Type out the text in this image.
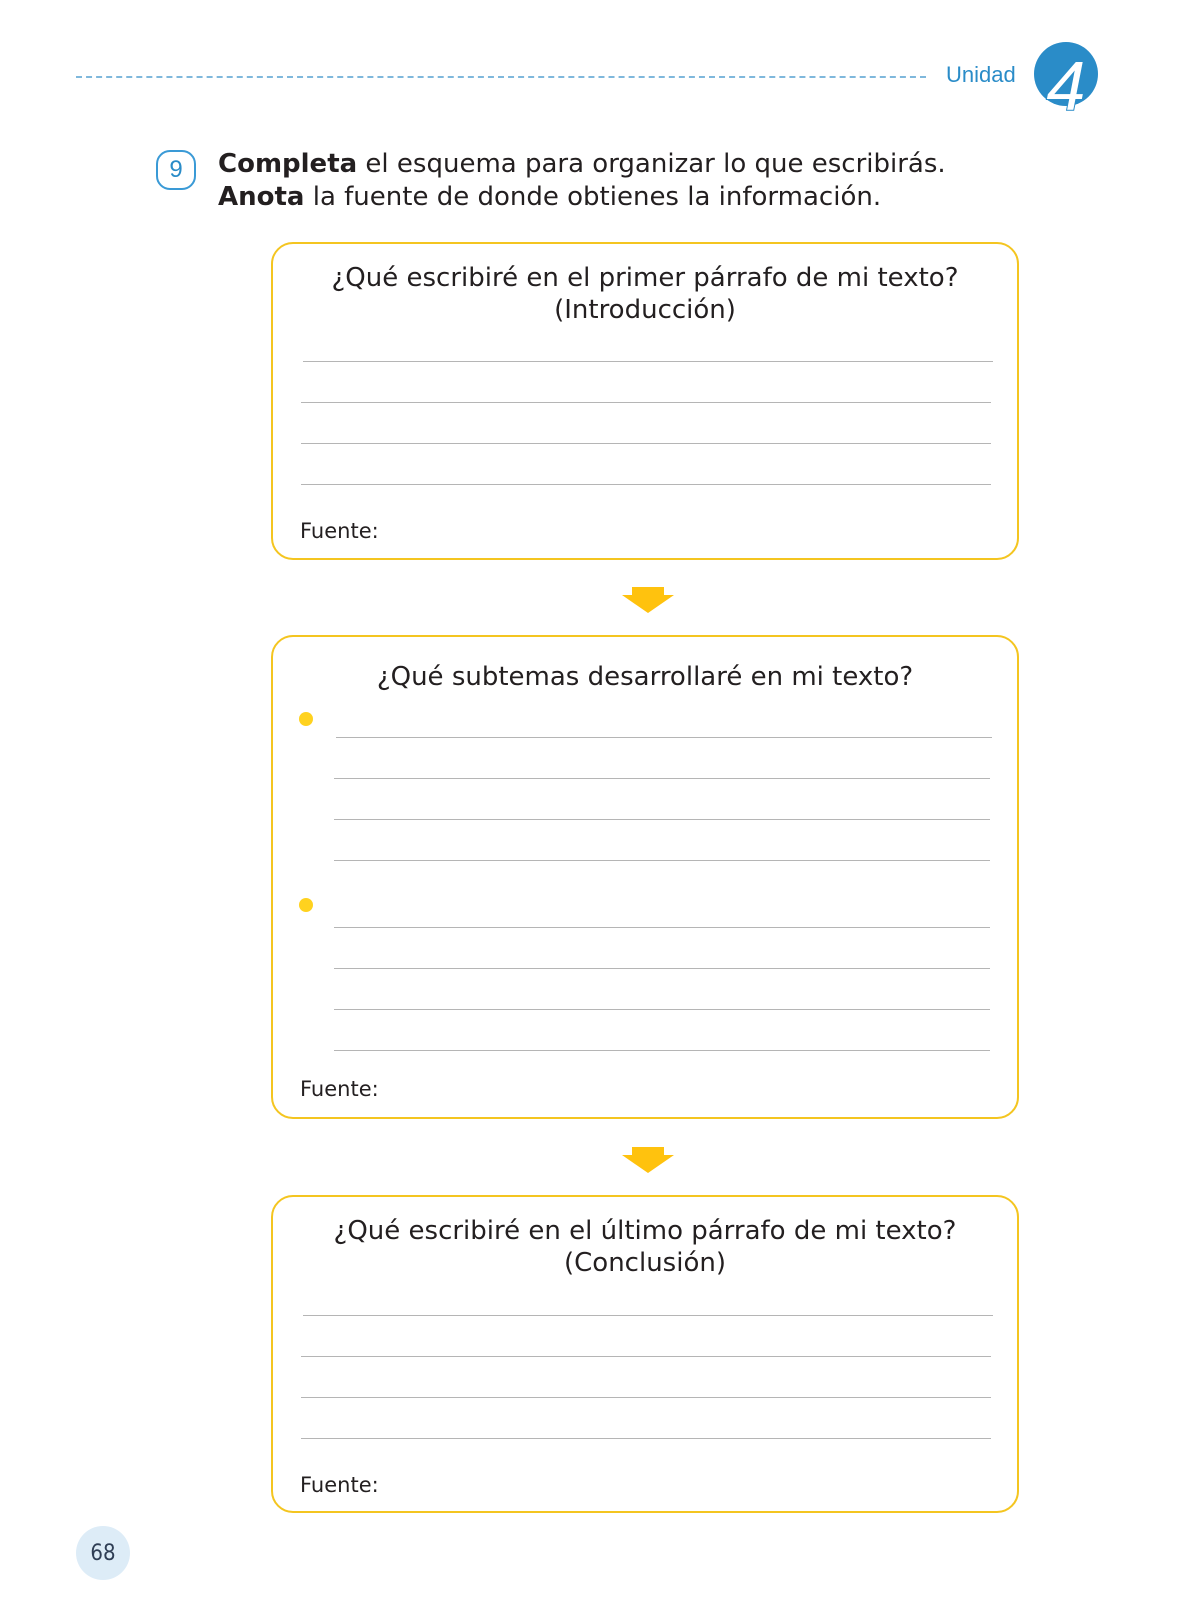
Unidad 4
9	Completa el esquema para organizar lo que escribirás.
Anota la fuente de donde obtienes la información.
¿Qué escribiré en el primer párrafo de mi texto?
(Introducción)
Fuente:
¿Qué subtemas desarrollaré en mi texto?
Fuente:
¿Qué escribiré en el último párrafo de mi texto?
(Conclusión)
Fuente:
68
